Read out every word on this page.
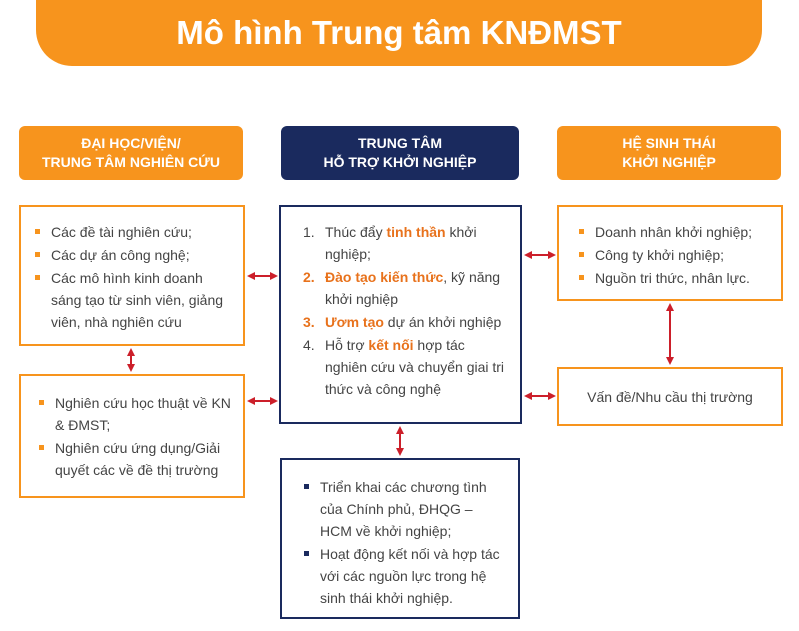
Mô hình Trung tâm KNĐMST
ĐẠI HỌC/VIỆN/
TRUNG TÂM NGHIÊN CỨU
TRUNG TÂM
HỖ TRỢ KHỞI NGHIỆP
HỆ SINH THÁI
KHỞI NGHIỆP
Các đề tài nghiên cứu;
Các dự án công nghệ;
Các mô hình kinh doanh sáng tạo từ sinh viên, giảng viên, nhà nghiên cứu
Nghiên cứu học thuật về KN & ĐMST;
Nghiên cứu ứng dụng/Giải quyết các về đề thị trường
1. Thúc đẩy tinh thần khởi nghiệp;
2. Đào tạo kiến thức, kỹ năng khởi nghiệp
3. Ươm tạo dự án khởi nghiệp
4. Hỗ trợ kết nối hợp tác nghiên cứu và chuyển giai tri thức và công nghệ
Doanh nhân khởi nghiệp;
Công ty khởi nghiệp;
Nguồn tri thức, nhân lực.
Vấn đề/Nhu cầu thị trường
Triển khai các chương tình của Chính phủ, ĐHQG – HCM về khởi nghiệp;
Hoạt động kết nối và hợp tác với các nguồn lực trong hệ sinh thái khởi nghiệp.
